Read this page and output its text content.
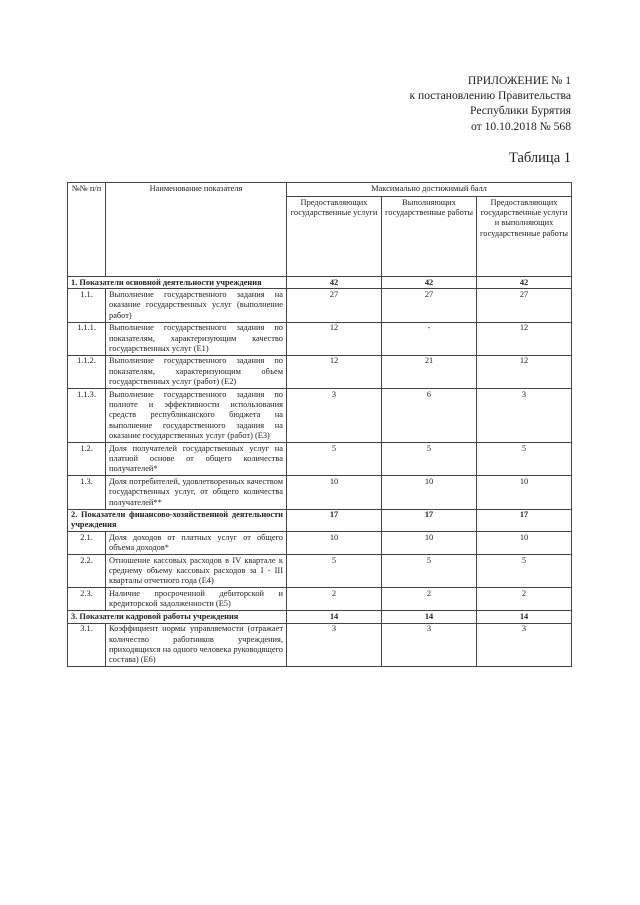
ПРИЛОЖЕНИЕ № 1
к постановлению Правительства
Республики Бурятия
от 10.10.2018 № 568
Таблица 1
№№ п/п	Наименование показателя	Максимально достижимый балл		
		Предоставляющих государственные услуги	Выполняющих государственные работы	Предоставляющих государственные услуги и выполняющих государственные работы
1. Показатели основной деятельности учреждения		42	42	42
1.1.	Выполнение государственного задания на оказание государственных услуг (выполнение работ)	27	27	27
1.1.1.	Выполнение государственного задания по показателям, характеризующим качество государственных услуг (Е1)	12	-	12
1.1.2.	Выполнение государственного задания по показателям, характеризующим объем государственных услуг (работ) (Е2)	12	21	12
1.1.3.	Выполнение государственного задания по полноте и эффективности использования средств республиканского бюджета на выполнение государственного задания на оказание государственных услуг (работ) (Е3)	3	6	3
1.2.	Доля получателей государственных услуг на платной основе от общего количества получателей*	5	5	5
1.3.	Доля потребителей, удовлетворенных качеством государственных услуг, от общего количества получателей**	10	10	10
2. Показатели финансово-хозяйственной деятельности учреждения		17	17	17
2.1.	Доля доходов от платных услуг от общего объема доходов*	10	10	10
2.2.	Отношение кассовых расходов в IV квартале к среднему объему кассовых расходов за I - III кварталы отчетного года (Е4)	5	5	5
2.3.	Наличие просроченной дебиторской и кредиторской задолженности (Е5)	2	2	2
3. Показатели кадровой работы учреждения		14	14	14
3.1.	Коэффициент нормы управляемости (отражает количество работников учреждения, приходящихся на одного человека руководящего состава) (Е6)	3	3	3
